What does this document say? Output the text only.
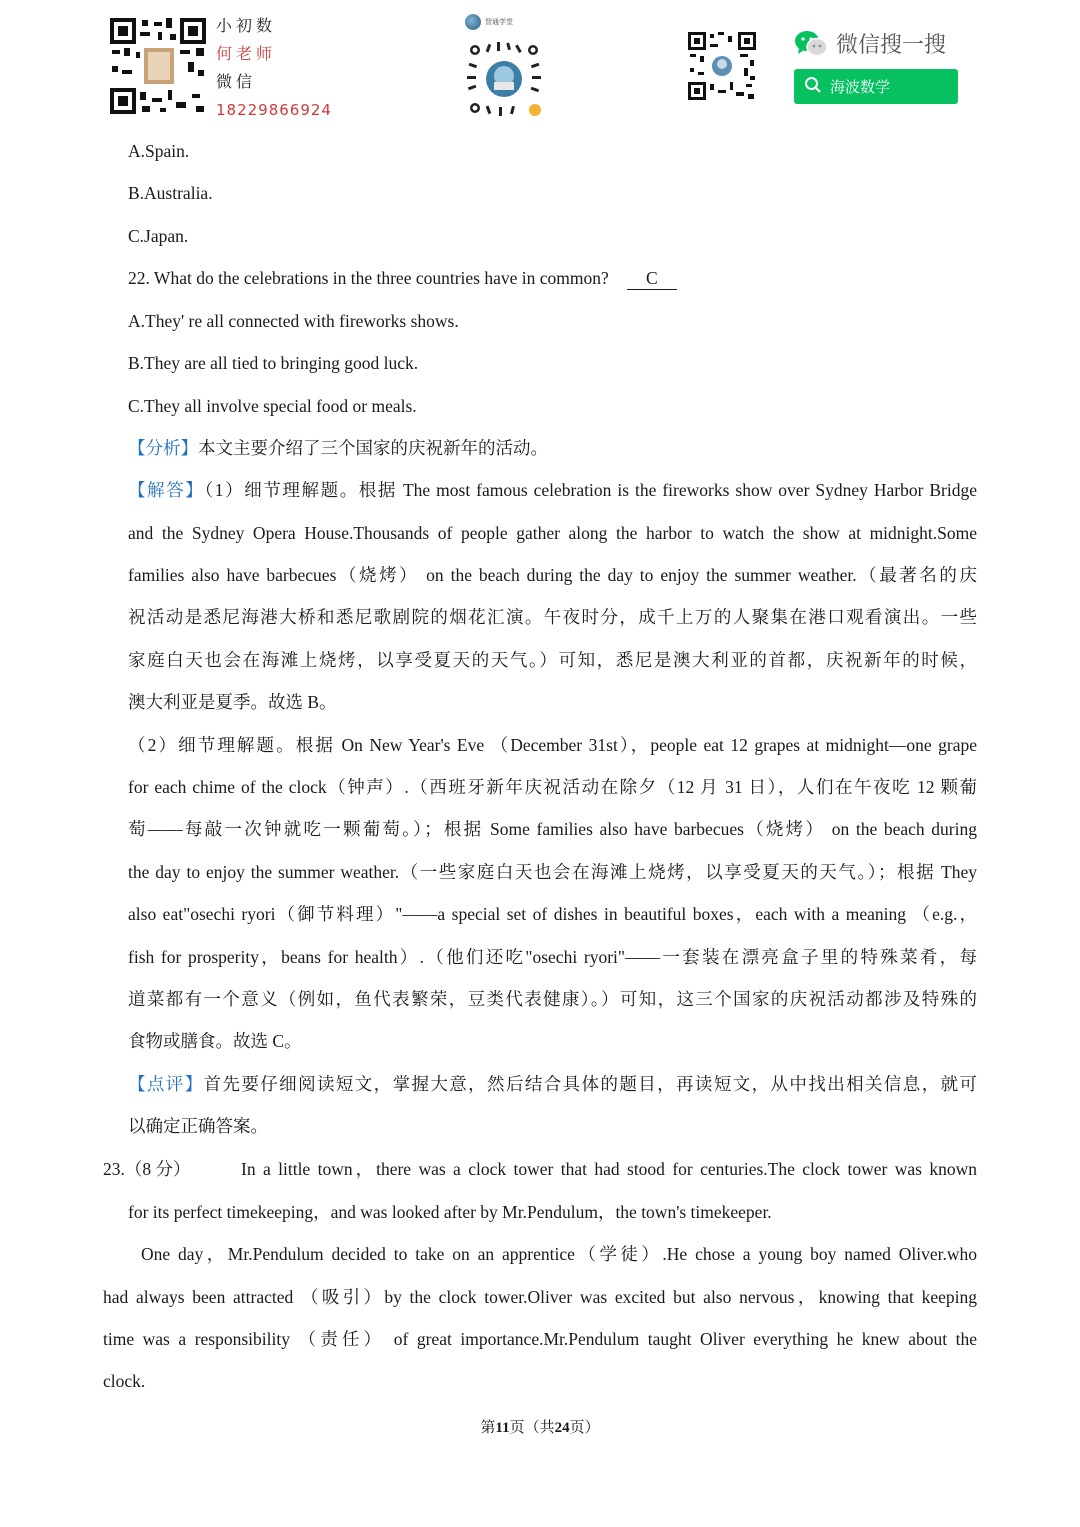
小初数
何老师
微信
18229866924
智通学堂
微信搜一搜
海波数学
A.Spain.
B.Australia.
C.Japan.
22. What do the celebrations in the three countries have in common? C
A.They' re all connected with fireworks shows.
B.They are all tied to bringing good luck.
C.They all involve special food or meals.
【分析】本文主要介绍了三个国家的庆祝新年的活动。
【解答】（1）细节理解题。根据 The most famous celebration is the fireworks show over Sydney Harbor Bridge
and the Sydney Opera House.Thousands of people gather along the harbor to watch the show at midnight.Some
families also have barbecues（烧烤） on the beach during the day to enjoy the summer weather.（最著名的庆
祝活动是悉尼海港大桥和悉尼歌剧院的烟花汇演。午夜时分，成千上万的人聚集在港口观看演出。一些
家庭白天也会在海滩上烧烤，以享受夏天的天气。）可知，悉尼是澳大利亚的首都，庆祝新年的时候，
澳大利亚是夏季。故选 B。
（2）细节理解题。根据 On New Year's Eve （December 31st），people eat 12 grapes at midnight—one grape
for each chime of the clock（钟声）.（西班牙新年庆祝活动在除夕（12 月 31 日），人们在午夜吃 12 颗葡
萄——每敲一次钟就吃一颗葡萄。）；根据 Some families also have barbecues（烧烤） on the beach during
the day to enjoy the summer weather.（一些家庭白天也会在海滩上烧烤，以享受夏天的天气。）；根据 They
also eat"osechi ryori（御节料理）"——a special set of dishes in beautiful boxes，each with a meaning （e.g.，
fish for prosperity，beans for health）.（他们还吃"osechi ryori"——一套装在漂亮盒子里的特殊菜肴，每
道菜都有一个意义（例如，鱼代表繁荣，豆类代表健康）。）可知，这三个国家的庆祝活动都涉及特殊的
食物或膳食。故选 C。
【点评】首先要仔细阅读短文，掌握大意，然后结合具体的题目，再读短文，从中找出相关信息，就可
以确定正确答案。
23.（8 分）	In a little town，there was a clock tower that had stood for centuries.The clock tower was known
for its perfect timekeeping，and was looked after by Mr.Pendulum，the town's timekeeper.
One day，Mr.Pendulum decided to take on an apprentice（学徒）.He chose a young boy named Oliver.who
had always been attracted （吸引）by the clock tower.Oliver was excited but also nervous，knowing that keeping
time was a responsibility （责任） of great importance.Mr.Pendulum taught Oliver everything he knew about the
clock.
第11页（共24页）
